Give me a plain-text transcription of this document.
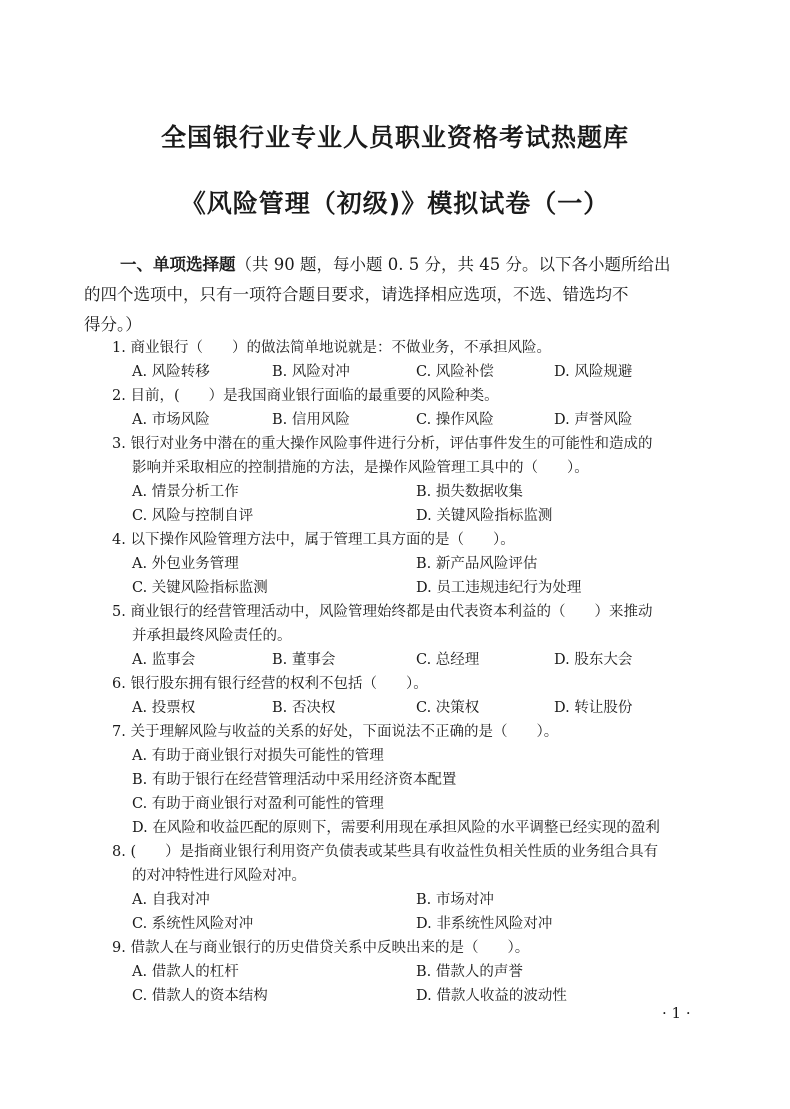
全国银行业专业人员职业资格考试热题库
《风险管理（初级)》模拟试卷（一）
一、单项选择题（共 90 题，每小题 0. 5 分，共 45 分。以下各小题所给出
的四个选项中，只有一项符合题目要求，请选择相应选项，不选、错选均不
得分。）
1. 商业银行（　　）的做法简单地说就是：不做业务，不承担风险。
A. 风险转移	B. 风险对冲	C. 风险补偿	D. 风险规避
2. 目前，(　　）是我国商业银行面临的最重要的风险种类。
A. 市场风险	B. 信用风险	C. 操作风险	D. 声誉风险
3. 银行对业务中潜在的重大操作风险事件进行分析，评估事件发生的可能性和造成的
影响并采取相应的控制措施的方法，是操作风险管理工具中的（　　）。
A. 情景分析工作	B. 损失数据收集
C. 风险与控制自评	D. 关键风险指标监测
4. 以下操作风险管理方法中，属于管理工具方面的是（　　）。
A. 外包业务管理	B. 新产品风险评估
C. 关键风险指标监测	D. 员工违规违纪行为处理
5. 商业银行的经营管理活动中，风险管理始终都是由代表资本利益的（　　）来推动
并承担最终风险责任的。
A. 监事会	B. 董事会	C. 总经理	D. 股东大会
6. 银行股东拥有银行经营的权利不包括（　　）。
A. 投票权	B. 否决权	C. 决策权	D. 转让股份
7. 关于理解风险与收益的关系的好处，下面说法不正确的是（　　）。
A. 有助于商业银行对损失可能性的管理
B. 有助于银行在经营管理活动中采用经济资本配置
C. 有助于商业银行对盈利可能性的管理
D. 在风险和收益匹配的原则下，需要利用现在承担风险的水平调整已经实现的盈利
8. (　　）是指商业银行利用资产负债表或某些具有收益性负相关性质的业务组合具有
的对冲特性进行风险对冲。
A. 自我对冲	B. 市场对冲
C. 系统性风险对冲	D. 非系统性风险对冲
9. 借款人在与商业银行的历史借贷关系中反映出来的是（　　）。
A. 借款人的杠杆	B. 借款人的声誉
C. 借款人的资本结构	D. 借款人收益的波动性
· 1 ·
